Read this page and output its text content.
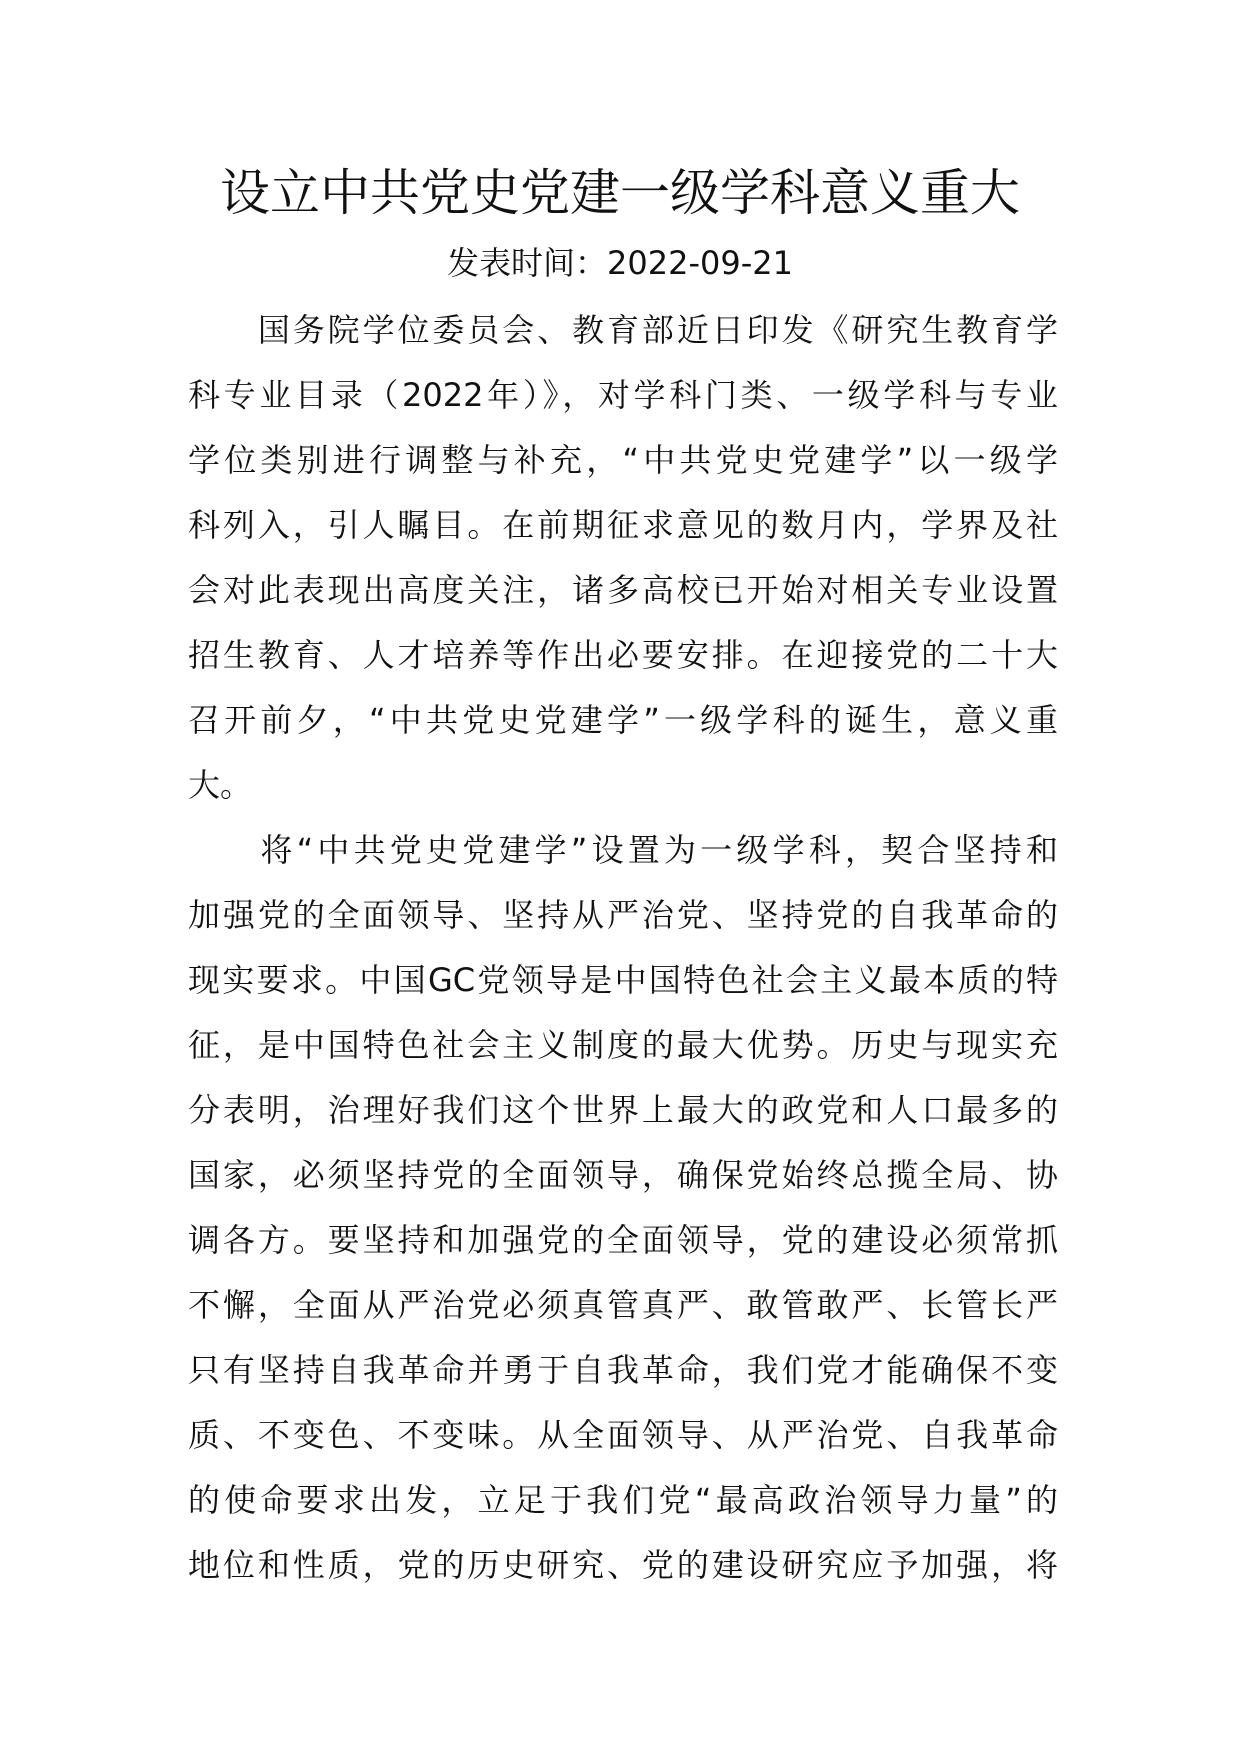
设立中共党史党建一级学科意义重大
发表时间：2022-09-21
　　国务院学位委员会、教育部近日印发《研究生教育学
科专业目录（2022年）》，对学科门类、一级学科与专业
学位类别进行调整与补充，“中共党史党建学”以一级学
科列入，引人瞩目。在前期征求意见的数月内，学界及社
会对此表现出高度关注，诸多高校已开始对相关专业设置
招生教育、人才培养等作出必要安排。在迎接党的二十大
召开前夕，“中共党史党建学”一级学科的诞生，意义重
大。
　　将“中共党史党建学”设置为一级学科，契合坚持和
加强党的全面领导、坚持从严治党、坚持党的自我革命的
现实要求。中国GC党领导是中国特色社会主义最本质的特
征，是中国特色社会主义制度的最大优势。历史与现实充
分表明，治理好我们这个世界上最大的政党和人口最多的
国家，必须坚持党的全面领导，确保党始终总揽全局、协
调各方。要坚持和加强党的全面领导，党的建设必须常抓
不懈，全面从严治党必须真管真严、敢管敢严、长管长严
只有坚持自我革命并勇于自我革命，我们党才能确保不变
质、不变色、不变味。从全面领导、从严治党、自我革命
的使命要求出发，立足于我们党“最高政治领导力量”的
地位和性质，党的历史研究、党的建设研究应予加强，将
